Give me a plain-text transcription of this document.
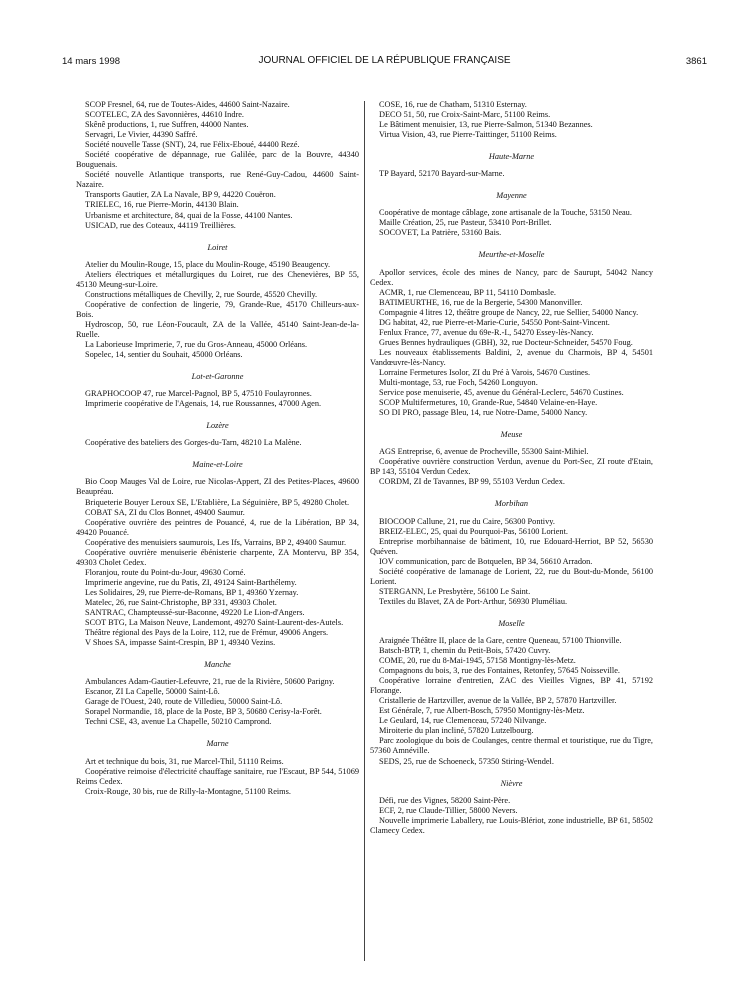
14 mars 1998	JOURNAL OFFICIEL DE LA RÉPUBLIQUE FRANÇAISE	3861

SCOP Fresnel, 64, rue de Toutes-Aides, 44600 Saint-Nazaire.

SCOTELEC, ZA des Savonnières, 44610 Indre.

Skênê productions, 1, rue Suffren, 44000 Nantes.

Servagri, Le Vivier, 44390 Saffré.

Société nouvelle Tasse (SNT), 24, rue Félix-Eboué, 44400 Rezé.

Société coopérative de dépannage, rue Galilée, parc de la Bouvre, 44340 Bouguenais.

Société nouvelle Atlantique transports, rue René-Guy-Cadou, 44600 Saint-Nazaire.

Transports Gautier, ZA La Navale, BP 9, 44220 Couëron.

TRIELEC, 16, rue Pierre-Morin, 44130 Blain.

Urbanisme et architecture, 84, quai de la Fosse, 44100 Nantes.

USICAD, rue des Coteaux, 44119 Treillières.

Loiret

Atelier du Moulin-Rouge, 15, place du Moulin-Rouge, 45190 Beaugency.

Ateliers électriques et métallurgiques du Loiret, rue des Chenevières, BP 55, 45130 Meung-sur-Loire.

Constructions métalliques de Chevilly, 2, rue Sourde, 45520 Chevilly.

Coopérative de confection de lingerie, 79, Grande-Rue, 45170 Chilleurs-aux-Bois.

Hydroscop, 50, rue Léon-Foucault, ZA de la Vallée, 45140 Saint-Jean-de-la-Ruelle.

La Laborieuse Imprimerie, 7, rue du Gros-Anneau, 45000 Orléans.

Sopelec, 14, sentier du Souhait, 45000 Orléans.

Lot-et-Garonne

GRAPHOCOOP 47, rue Marcel-Pagnol, BP 5, 47510 Foulayronnes.

Imprimerie coopérative de l'Agenais, 14, rue Roussannes, 47000 Agen.

Lozère

Coopérative des bateliers des Gorges-du-Tarn, 48210 La Malène.

Maine-et-Loire

Bio Coop Mauges Val de Loire, rue Nicolas-Appert, ZI des Petites-Places, 49600 Beaupréau.

Briqueterie Bouyer Leroux SE, L'Etablière, La Séguinière, BP 5, 49280 Cholet.

COBAT SA, ZI du Clos Bonnet, 49400 Saumur.

Coopérative ouvrière des peintres de Pouancé, 4, rue de la Libération, BP 34, 49420 Pouancé.

Coopérative des menuisiers saumurois, Les Ifs, Varrains, BP 2, 49400 Saumur.

Coopérative ouvrière menuiserie ébénisterie charpente, ZA Montervu, BP 354, 49303 Cholet Cedex.

Floranjou, route du Point-du-Jour, 49630 Corné.

Imprimerie angevine, rue du Patis, ZI, 49124 Saint-Barthélemy.

Les Solidaires, 29, rue Pierre-de-Romans, BP 1, 49360 Yzernay.

Matelec, 26, rue Saint-Christophe, BP 331, 49303 Cholet.

SANTRAC, Champteussé-sur-Baconne, 49220 Le Lion-d'Angers.

SCOT BTG, La Maison Neuve, Landemont, 49270 Saint-Laurent-des-Autels.

Théâtre régional des Pays de la Loire, 112, rue de Frémur, 49006 Angers.

V Shoes SA, impasse Saint-Crespin, BP 1, 49340 Vezins.

Manche

Ambulances Adam-Gautier-Lefeuvre, 21, rue de la Rivière, 50600 Parigny.

Escanor, ZI La Capelle, 50000 Saint-Lô.

Garage de l'Ouest, 240, route de Villedieu, 50000 Saint-Lô.

Sorapel Normandie, 18, place de la Poste, BP 3, 50680 Cerisy-la-Forêt.

Techni CSE, 43, avenue La Chapelle, 50210 Camprond.

Marne

Art et technique du bois, 31, rue Marcel-Thil, 51110 Reims.

Coopérative reimoise d'électricité chauffage sanitaire, rue l'Escaut, BP 544, 51069 Reims Cedex.

Croix-Rouge, 30 bis, rue de Rilly-la-Montagne, 51100 Reims.

COSE, 16, rue de Chatham, 51310 Esternay.

DECO 51, 50, rue Croix-Saint-Marc, 51100 Reims.

Le Bâtiment menuisier, 13, rue Pierre-Salmon, 51340 Bezannes.

Virtua Vision, 43, rue Pierre-Taittinger, 51100 Reims.

Haute-Marne

TP Bayard, 52170 Bayard-sur-Marne.

Mayenne

Coopérative de montage câblage, zone artisanale de la Touche, 53150 Neau.

Maille Création, 25, rue Pasteur, 53410 Port-Brillet.

SOCOVET, La Patrière, 53160 Bais.

Meurthe-et-Moselle

Apollor services, école des mines de Nancy, parc de Saurupt, 54042 Nancy Cedex.

ACMR, 1, rue Clemenceau, BP 11, 54110 Dombasle.

BATIMEURTHE, 16, rue de la Bergerie, 54300 Manonviller.

Compagnie 4 litres 12, théâtre groupe de Nancy, 22, rue Sellier, 54000 Nancy.

DG habitat, 42, rue Pierre-et-Marie-Curie, 54550 Pont-Saint-Vincent.

Fenlux France, 77, avenue du 69e-R.-I., 54270 Essey-lès-Nancy.

Grues Bennes hydrauliques (GBH), 32, rue Docteur-Schneider, 54570 Foug.

Les nouveaux établissements Baldini, 2, avenue du Charmois, BP 4, 54501 Vandœuvre-lès-Nancy.

Lorraine Fermetures Isolor, ZI du Pré à Varois, 54670 Custines.

Multi-montage, 53, rue Foch, 54260 Longuyon.

Service pose menuiserie, 45, avenue du Général-Leclerc, 54670 Custines.

SCOP Multifermetures, 10, Grande-Rue, 54840 Velaine-en-Haye.

SO DI PRO, passage Bleu, 14, rue Notre-Dame, 54000 Nancy.

Meuse

AGS Entreprise, 6, avenue de Procheville, 55300 Saint-Mihiel.

Coopérative ouvrière construction Verdun, avenue du Port-Sec, ZI route d'Etain, BP 143, 55104 Verdun Cedex.

CORDM, ZI de Tavannes, BP 99, 55103 Verdun Cedex.

Morbihan

BIOCOOP Callune, 21, rue du Caire, 56300 Pontivy.

BREIZ-ELEC, 25, quai du Pourquoi-Pas, 56100 Lorient.

Entreprise morbihannaise de bâtiment, 10, rue Edouard-Herriot, BP 52, 56530 Quéven.

IOV communication, parc de Botquelen, BP 34, 56610 Arradon.

Société coopérative de lamanage de Lorient, 22, rue du Bout-du-Monde, 56100 Lorient.

STERGANN, Le Presbytère, 56100 Le Saint.

Textiles du Blavet, ZA de Port-Arthur, 56930 Pluméliau.

Moselle

Araignée Théâtre II, place de la Gare, centre Queneau, 57100 Thionville.

Batsch-BTP, 1, chemin du Petit-Bois, 57420 Cuvry.

COME, 20, rue du 8-Mai-1945, 57158 Montigny-lès-Metz.

Compagnons du bois, 3, rue des Fontaines, Retonfey, 57645 Noisseville.

Coopérative lorraine d'entretien, ZAC des Vieilles Vignes, BP 41, 57192 Florange.

Cristallerie de Hartzviller, avenue de la Vallée, BP 2, 57870 Hartzviller.

Est Générale, 7, rue Albert-Bosch, 57950 Montigny-lès-Metz.

Le Geulard, 14, rue Clemenceau, 57240 Nilvange.

Miroiterie du plan incliné, 57820 Lutzelbourg.

Parc zoologique du bois de Coulanges, centre thermal et touristique, rue du Tigre, 57360 Amnéville.

SEDS, 25, rue de Schoeneck, 57350 Stiring-Wendel.

Nièvre

Défi, rue des Vignes, 58200 Saint-Père.

ECF, 2, rue Claude-Tillier, 58000 Nevers.

Nouvelle imprimerie Laballery, rue Louis-Blériot, zone industrielle, BP 61, 58502 Clamecy Cedex.
